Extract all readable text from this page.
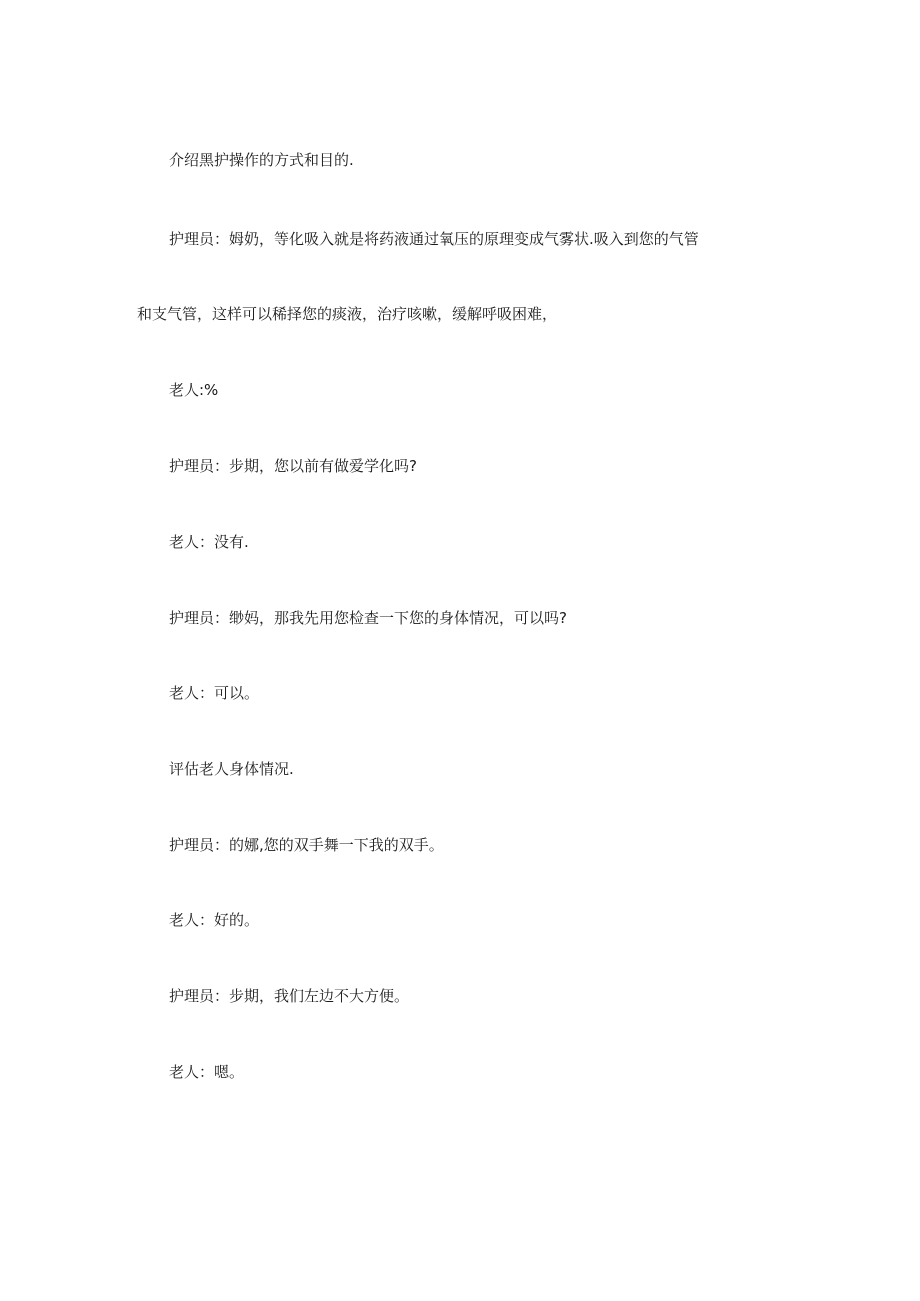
介绍黑护操作的方式和目的.
护理员：姆奶，等化吸入就是将药液通过氧压的原理变成气雾状.吸入到您的气管
和支气管，这样可以稀择您的痰液，治疗咳嗽，缓解呼吸困难，
老人:%
护理员：步期，您以前有做爱学化吗?
老人：没有.
护理员：缈妈，那我先用您检查一下您的身体情况，可以吗?
老人：可以。
评估老人身体情况.
护理员：的娜,您的双手舞一下我的双手。
老人：好的。
护理员：步期，我们左边不大方便。
老人：嗯。
